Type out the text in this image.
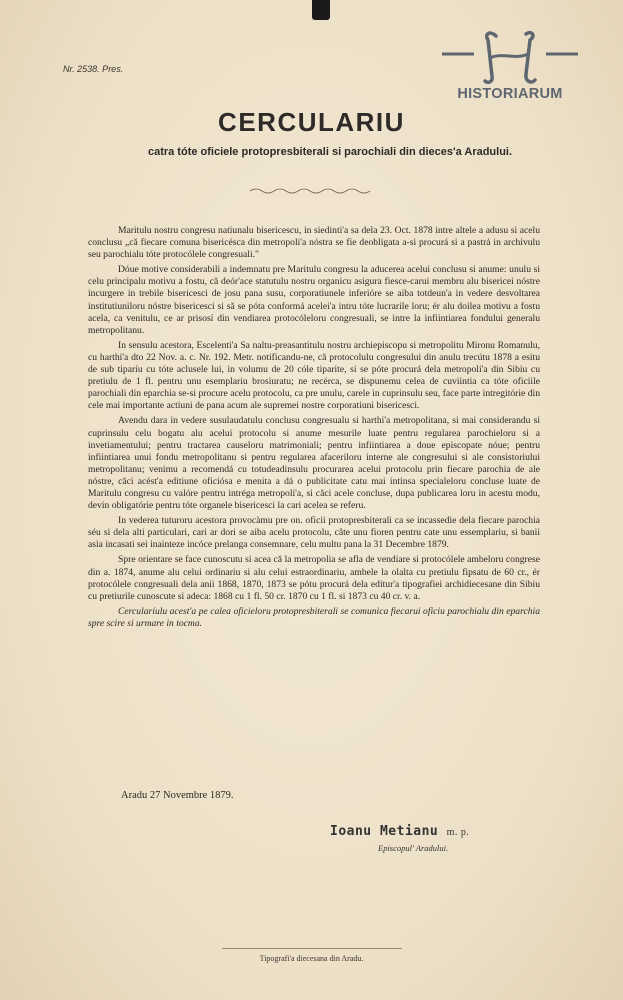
Nr. 2538. Pres.
HISTORIARUM
CERCULARIU
catra tóte oficiele protopresbiterali si parochiali din dieces'a Aradului.

Maritulu nostru congresu natiunalu bisericescu, in siedinti'a sa dela 23. Oct. 1878 intre altele a adusu si acelu conclusu „că fiecare comuna bisericésca din metropoli'a nóstra se fie deobligata a-si procurá si a pastrá in archivulu seu parochialu tóte protocólele congresuali."

Dóue motive considerabili a indemnatu pre Maritulu congresu la aducerea acelui conclusu si anume: unulu si celu principalu motivu a fostu, că deór'ace statutulu nostru organicu asigura fiesce-carui membru alu bisericei nóstre incurgere in trebile bisericesci de josu pana susu, corporatiunele inferióre se aiba totdeun'a in vedere desvoltarea institutiuniloru nóstre bisericesci si să se póta conformá acelei'a intru tóte lucrarile loru; ér alu doilea motivu a fostu acela, ca venitulu, ce ar prisosí din vendiarea protocóleloru congresuali, se intre la infiintiarea fondului generalu metropolitanu.

In sensulu acestora, Escelenti'a Sa naltu-preasantitulu nostru archiepiscopu si metropolitu Mironu Romanulu, cu harthi'a dto 22 Nov. a. c. Nr. 192. Metr. notificandu-ne, că protocolulu congresului din anulu trecútu 1878 a esitu de sub tiparíu cu tóte aclusele lui, in volumu de 20 cóle tiparite, si se póte procurá dela metropoli'a din Sibiu cu pretiulu de 1 fl. pentru unu esemplariu brosiuratu; ne recérca, se dispunemu celea de cuviintia ca tóte oficiile parochiali din eparchia se-si procure acelu protocolu, ca pre unulu, carele in cuprinsulu seu, face parte intregitórie din cele mai importante actiuni de pana acum ale supremei nostre corporatiuni bisericesci.

Avendu dara in vedere susulaudatulu conclusu congresualu si harthi'a metropolitana, si mai considerandu si cuprinsulu celu bogatu alu acelui protocolu si anume mesurile luate pentru regularea parochieloru si a invetiamentului; pentru tractarea causeloru matrimoniali; pentru infiintiarea a doue episcopate nóue; pentru infiintiarea unui fondu metropolitanu si pentru regularea afaceriloru interne ale congresului si ale consistoriului metropolitanu; venimu a recomendá cu totudeadinsulu procurarea acelui protocolu prin fiecare parochia de ale nóstre, căci acést'a editiune oficiósa e menita a dá o publicitate catu mai intinsa specialeloru concluse luate de Maritulu congresu cu valóre pentru intréga metropoli'a, si căci acele concluse, dupa publicarea loru in acestu modu, devin obligatórie pentru tóte organele bisericesci la cari acelea se referu.

In vederea tuturoru acestora provocàmu pre on. oficii protopresbiterali ca se incassedie dela fiecare parochia séu si dela alti particulari, cari ar dori se aiba acelu protocolu, câte unu fioren pentru cate unu essemplariu, si banii asia incasati sei inainteze incóce prelanga consemnare, celu multu pana la 31 Decembre 1879.

Spre orientare se face cunoscutu si acea că la metropolia se afla de vendiare si protocólele ambeloru congrese din a. 1874, anume alu celui ordinariu si alu celui estraordinariu, ambele la olalta cu pretiulu fipsatu de 60 cr., ér protocólele congresuali dela anii 1868, 1870, 1873 se pótu procurá dela editur'a tipografiei archidiecesane din Sibiu cu pretiurile cunoscute si adeca: 1868 cu 1 fl. 50 cr. 1870 cu 1 fl. si 1873 cu 40 cr. v. a.

Cercularíulu acest'a pe calea oficieloru protopresbiterali se comunica fiecarui oficiu parochialu din eparchia spre scire si urmare in tocma.

Aradu 27 Novembre 1879.
Ioanu Metianu m. p.
Episcopul' Aradului.
Tipografi'a diecesana din Aradu.
